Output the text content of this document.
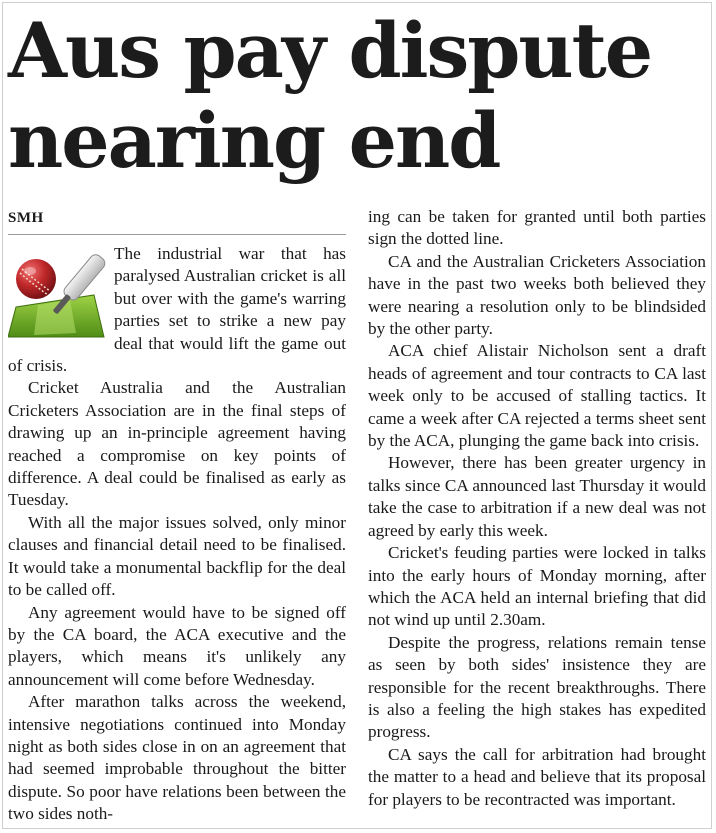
Aus pay dispute nearing end
SMH

The industrial war that has paralysed Australian cricket is all but over with the game's warring parties set to strike a new pay deal that would lift the game out of crisis.

Cricket Australia and the Australian Cricketers Association are in the final steps of drawing up an in-principle agreement having reached a compromise on key points of difference. A deal could be finalised as early as Tuesday.

With all the major issues solved, only minor clauses and financial detail need to be finalised. It would take a monumental backflip for the deal to be called off.

Any agreement would have to be signed off by the CA board, the ACA executive and the players, which means it's unlikely any announcement will come before Wednesday.

After marathon talks across the weekend, intensive negotiations continued into Monday night as both sides close in on an agreement that had seemed improbable throughout the bitter dispute. So poor have relations been between the two sides noth-

ing can be taken for granted until both parties sign the dotted line.

CA and the Australian Cricketers Association have in the past two weeks both believed they were nearing a resolution only to be blindsided by the other party.

ACA chief Alistair Nicholson sent a draft heads of agreement and tour contracts to CA last week only to be accused of stalling tactics. It came a week after CA rejected a terms sheet sent by the ACA, plunging the game back into crisis.

However, there has been greater urgency in talks since CA announced last Thursday it would take the case to arbitration if a new deal was not agreed by early this week.

Cricket's feuding parties were locked in talks into the early hours of Monday morning, after which the ACA held an internal briefing that did not wind up until 2.30am.

Despite the progress, relations remain tense as seen by both sides' insistence they are responsible for the recent breakthroughs. There is also a feeling the high stakes has expedited progress.

CA says the call for arbitration had brought the matter to a head and believe that its proposal for players to be recontracted was important.
